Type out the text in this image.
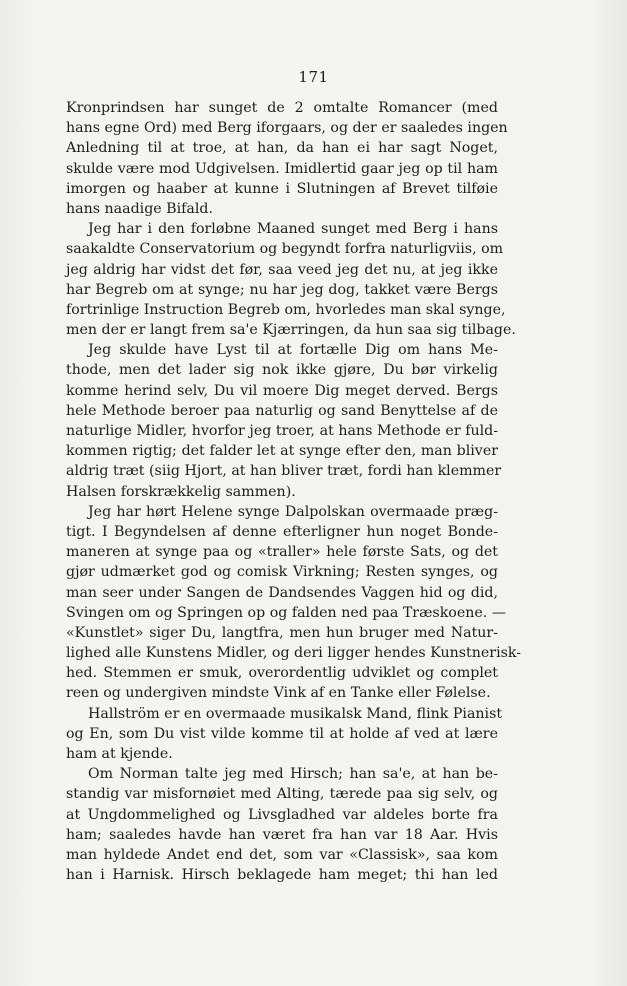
171
Kronprindsen har sunget de 2 omtalte Romancer (med
hans egne Ord) med Berg iforgaars, og der er saaledes ingen
Anledning til at troe, at han, da han ei har sagt Noget,
skulde være mod Udgivelsen. Imidlertid gaar jeg op til ham
imorgen og haaber at kunne i Slutningen af Brevet tilføie
hans naadige Bifald.
Jeg har i den forløbne Maaned sunget med Berg i hans
saakaldte Conservatorium og begyndt forfra naturligviis, om
jeg aldrig har vidst det før, saa veed jeg det nu, at jeg ikke
har Begreb om at synge; nu har jeg dog, takket være Bergs
fortrinlige Instruction Begreb om, hvorledes man skal synge,
men der er langt frem sa'e Kjærringen, da hun saa sig tilbage.
Jeg skulde have Lyst til at fortælle Dig om hans Me-
thode, men det lader sig nok ikke gjøre, Du bør virkelig
komme herind selv, Du vil moere Dig meget derved. Bergs
hele Methode beroer paa naturlig og sand Benyttelse af de
naturlige Midler, hvorfor jeg troer, at hans Methode er fuld-
kommen rigtig; det falder let at synge efter den, man bliver
aldrig træt (siig Hjort, at han bliver træt, fordi han klemmer
Halsen forskrækkelig sammen).
Jeg har hørt Helene synge Dalpolskan overmaade præg-
tigt. I Begyndelsen af denne efterligner hun noget Bonde-
maneren at synge paa og «traller» hele første Sats, og det
gjør udmærket god og comisk Virkning; Resten synges, og
man seer under Sangen de Dandsendes Vaggen hid og did,
Svingen om og Springen op og falden ned paa Træskoene. —
«Kunstlet» siger Du, langtfra, men hun bruger med Natur-
lighed alle Kunstens Midler, og deri ligger hendes Kunstnerisk-
hed. Stemmen er smuk, overordentlig udviklet og complet
reen og undergiven mindste Vink af en Tanke eller Følelse.
Hallström er en overmaade musikalsk Mand, flink Pianist
og En, som Du vist vilde komme til at holde af ved at lære
ham at kjende.
Om Norman talte jeg med Hirsch; han sa'e, at han be-
standig var misfornøiet med Alting, tærede paa sig selv, og
at Ungdommelighed og Livsgladhed var aldeles borte fra
ham; saaledes havde han været fra han var 18 Aar. Hvis
man hyldede Andet end det, som var «Classisk», saa kom
han i Harnisk. Hirsch beklagede ham meget; thi han led
